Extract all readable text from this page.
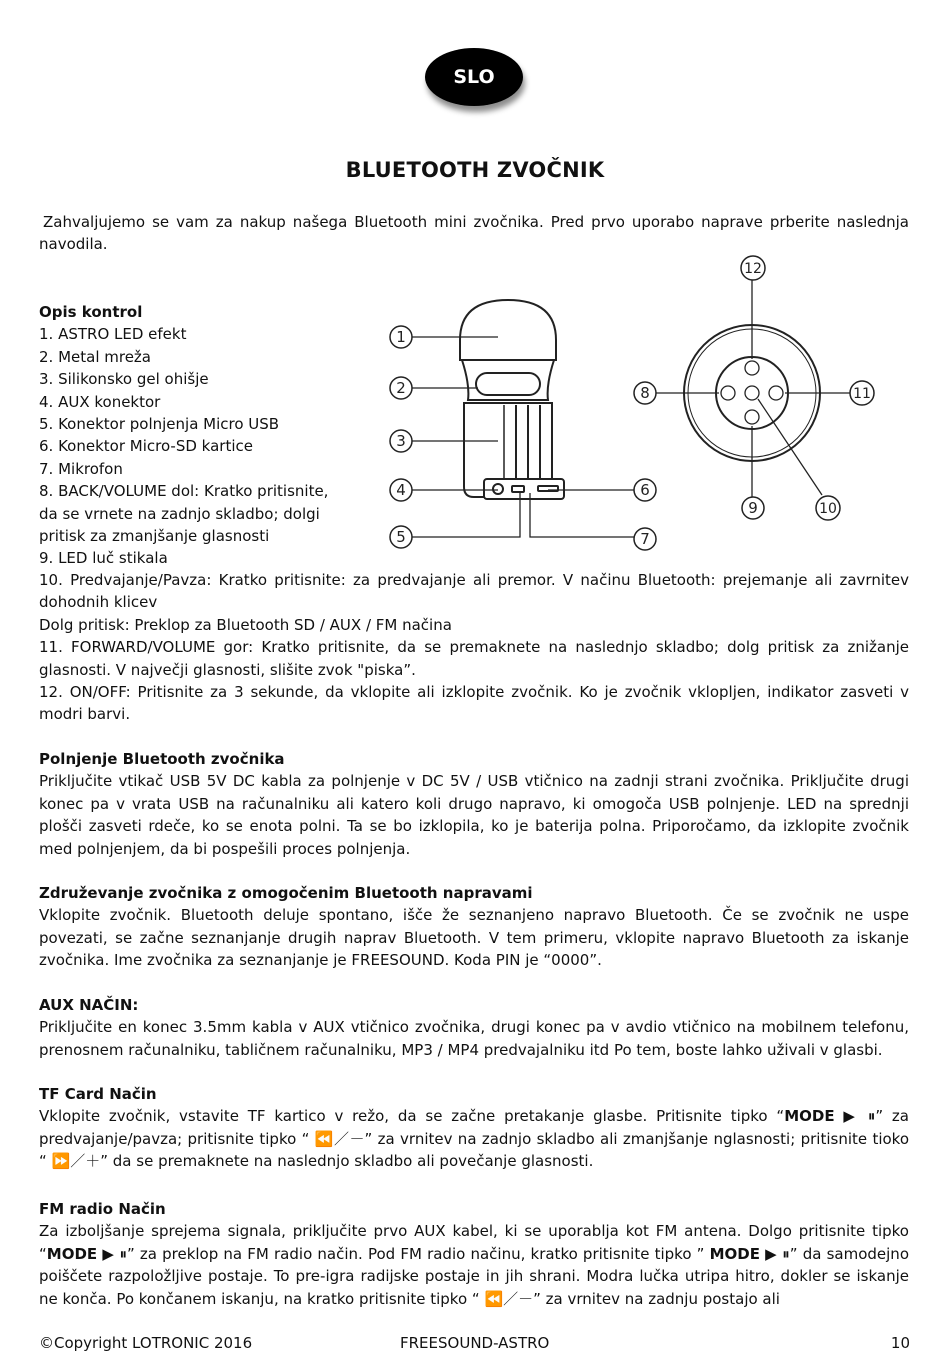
SLO
BLUETOOTH ZVOČNIK
Zahvaljujemo se vam za nakup našega Bluetooth mini zvočnika. Pred prvo uporabo naprave prberite naslednja navodila.
Opis kontrol
1. ASTRO LED efekt
2. Metal mreža
3. Silikonsko gel ohišje
4. AUX konektor
5. Konektor polnjenja Micro USB
6. Konektor Micro-SD kartice
7. Mikrofon
8. BACK/VOLUME dol: Kratko pritisnite,
da se vrnete na zadnjo skladbo; dolgi
pritisk za zmanjšanje glasnosti
9. LED luč stikala
10. Predvajanje/Pavza: Kratko pritisnite: za predvajanje ali premor. V načinu Bluetooth: prejemanje ali zavrnitev dohodnih klicev
Dolg pritisk: Preklop za Bluetooth SD / AUX / FM načina
11. FORWARD/VOLUME gor: Kratko pritisnite, da se premaknete na naslednjo skladbo; dolg pritisk za znižanje glasnosti. V največji glasnosti, slišite zvok "piska”.
12. ON/OFF: Pritisnite za 3 sekunde, da vklopite ali izklopite zvočnik. Ko je zvočnik vklopljen, indikator zasveti v modri barvi.
1
2
3
4
5
6
7
8
9	10
11
12
Polnjenje Bluetooth zvočnika
Priključite vtikač USB 5V DC kabla za polnjenje v DC 5V / USB vtičnico na zadnji strani zvočnika. Priključite drugi konec pa v vrata USB na računalniku ali katero koli drugo napravo, ki omogoča USB polnjenje. LED na sprednji plošči zasveti rdeče, ko se enota polni. Ta se bo izklopila, ko je baterija polna. Priporočamo, da izklopite zvočnik med polnjenjem, da bi pospešili proces polnjenja.
Združevanje zvočnika z omogočenim Bluetooth napravami
Vklopite zvočnik. Bluetooth deluje spontano, išče že seznanjeno napravo Bluetooth. Če se zvočnik ne uspe povezati, se začne seznanjanje drugih naprav Bluetooth. V tem primeru, vklopite napravo Bluetooth za iskanje zvočnika. Ime zvočnika za seznanjanje je FREESOUND. Koda PIN je “0000”.
AUX NAČIN:
Priključite en konec 3.5mm kabla v AUX vtičnico zvočnika, drugi konec pa v avdio vtičnico na mobilnem telefonu, prenosnem računalniku, tabličnem računalniku, MP3 / MP4 predvajalniku itd Po tem, boste lahko uživali v glasbi.
TF Card Način
Vklopite zvočnik, vstavite TF kartico v režo, da se začne pretakanje glasbe. Pritisnite tipko “MODE ▶ ⏸” za predvajanje/pavza; pritisnite tipko “ ⏪／－” za vrnitev na zadnjo skladbo ali zmanjšanje nglasnosti; pritisnite tioko “ ⏩／＋” da se premaknete na naslednjo skladbo ali povečanje glasnosti.
FM radio Način
Za izboljšanje sprejema signala, priključite prvo AUX kabel, ki se uporablja kot FM antena. Dolgo pritisnite tipko “MODE ▶ ⏸” za preklop na FM radio način. Pod FM radio načinu, kratko pritisnite tipko ” MODE ▶ ⏸” da samodejno poiščete razpoložljive postaje. To pre-igra radijske postaje in jih shrani. Modra lučka utripa hitro, dokler se iskanje ne konča. Po končanem iskanju, na kratko pritisnite tipko “ ⏪／－” za vrnitev na zadnju postajo ali
©Copyright LOTRONIC 2016	FREESOUND-ASTRO	10
